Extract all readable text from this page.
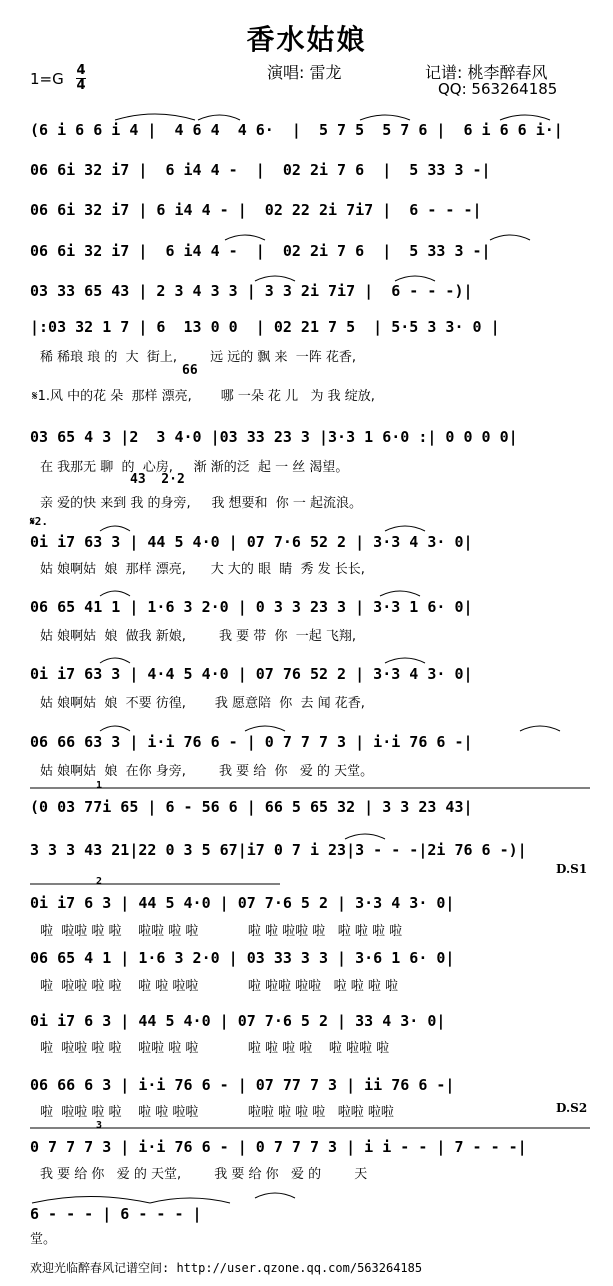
香水姑娘
1=G 4
4
演唱: 雷龙	记谱: 桃李醉春风
QQ: 563264185
(6 i 6 6 i 4 |  4 6 4  4 6·  |  5 7 5  5 7 6 |  6 i 6 6 i·|
06 6i 32 i7 |  6 i4 4 -  |  02 2i 7 6  |  5 33 3 -|
06 6i 32 i7 | 6 i4 4 - |  02 22 2i 7i7 |  6 - - -|
06 6i 32 i7 |  6 i4 4 -  |  02 2i 7 6  |  5 33 3 -|
03 33 65 43 | 2 3 4 3 3 | 3 3 2i 7i7 |  6 - - -)|
|:03 32 1 7 | 6  13 0 0  | 02 21 7 5  | 5·5 3 3· 0 |
稀 稀琅 琅 的  大  街上,        远 远的 飘 来  一阵 花香,
66
𝄋1.风 中的花 朵  那样 漂亮,       哪 一朵 花 儿   为 我 绽放,
03 65 4 3 |2  3 4·0 |03 33 23 3 |3·3 1 6·0 :| 0 0 0 0|
在 我那无 聊  的  心房,     渐 渐的泛  起 一 丝 渴望。
43  2·2
亲 爱的快 来到 我 的身旁,     我 想要和  你 一 起流浪。
𝄋2.
0i i7 63 3 | 44 5 4·0 | 07 7·6 52 2 | 3·3 4 3· 0|
姑 娘啊姑  娘  那样 漂亮,      大 大的 眼  睛  秀 发 长长,
06 65 41 1 | 1·6 3 2·0 | 0 3 3 23 3 | 3·3 1 6· 0|
姑 娘啊姑  娘  做我 新娘,        我 要 带  你  一起 飞翔,
0i i7 63 3 | 4·4 5 4·0 | 07 76 52 2 | 3·3 4 3· 0|
姑 娘啊姑  娘  不要 彷徨,       我 愿意陪  你  去 闻 花香,
06 66 63 3 | i·i 76 6 - | 0 7 7 7 3 | i·i 76 6 -|
姑 娘啊姑  娘  在你 身旁,        我 要 给  你   爱 的 天堂。
1
(0 03 77i 65 | 6 - 56 6 | 66 5 65 32 | 3 3 23 43|
3 3 3 43 21|22 0 3 5 67|i7 0 7 i 23|3 - - -|2i 76 6 -)|
D.S1
2
0i i7 6 3 | 44 5 4·0 | 07 7·6 5 2 | 3·3 4 3· 0|
啦  啦啦 啦 啦    啦啦 啦 啦            啦 啦 啦啦 啦   啦 啦 啦 啦
06 65 4 1 | 1·6 3 2·0 | 03 33 3 3 | 3·6 1 6· 0|
啦  啦啦 啦 啦    啦 啦 啦啦            啦 啦啦 啦啦   啦 啦 啦 啦
0i i7 6 3 | 44 5 4·0 | 07 7·6 5 2 | 33 4 3· 0|
啦  啦啦 啦 啦    啦啦 啦 啦            啦 啦 啦 啦    啦 啦啦 啦
06 66 6 3 | i·i 76 6 - | 07 77 7 3 | ii 76 6 -|
啦  啦啦 啦 啦    啦 啦 啦啦            啦啦 啦 啦 啦   啦啦 啦啦	D.S2
3
0 7 7 7 3 | i·i 76 6 - | 0 7 7 7 3 | i i - - | 7 - - -|
我 要 给 你   爱 的 天堂,        我 要 给 你   爱 的        天
6 - - - | 6 - - - |
堂。
欢迎光临醉春风记谱空间: http://user.qzone.qq.com/563264185
